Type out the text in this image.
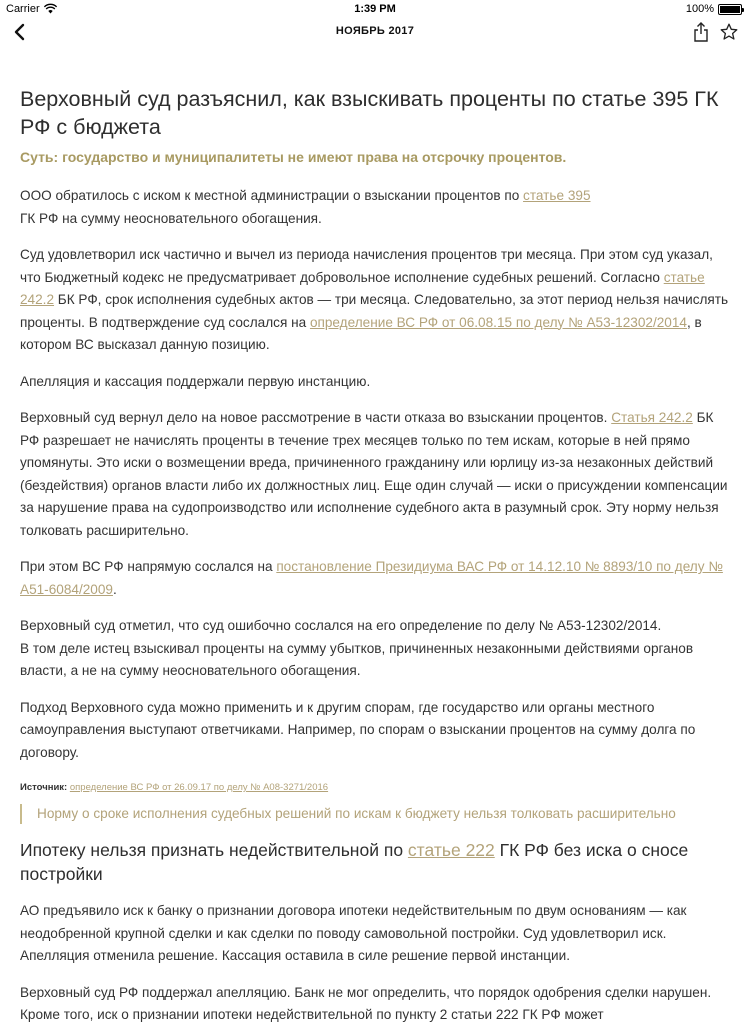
Carrier	1:39 PM	100%
НОЯБРЬ 2017
Верховный суд разъяснил, как взыскивать проценты по статье 395 ГК РФ с бюджета
Суть: государство и муниципалитеты не имеют права на отсрочку процентов.

ООО обратилось с иском к местной администрации о взыскании процентов по статье 395
ГК РФ на сумму неосновательного обогащения.

Суд удовлетворил иск частично и вычел из периода начисления процентов три месяца. При этом суд указал, что Бюджетный кодекс не предусматривает добровольное исполнение судебных решений. Согласно статье 242.2 БК РФ, срок исполнения судебных актов — три месяца. Следовательно, за этот период нельзя начислять проценты. В подтверждение суд сослался на определение ВС РФ от 06.08.15 по делу № А53-12302/2014, в котором ВС высказал данную позицию.

Апелляция и кассация поддержали первую инстанцию.

Верховный суд вернул дело на новое рассмотрение в части отказа во взыскании процентов. Статья 242.2 БК РФ разрешает не начислять проценты в течение трех месяцев только по тем искам, которые в ней прямо упомянуты. Это иски о возмещении вреда, причиненного гражданину или юрлицу из-за незаконных действий (бездействия) органов власти либо их должностных лиц. Еще один случай — иски о присуждении компенсации за нарушение права на судопроизводство или исполнение судебного акта в разумный срок. Эту норму нельзя толковать расширительно.

При этом ВС РФ напрямую сослался на постановление Президиума ВАС РФ от 14.12.10 № 8893/10 по делу № А51-6084/2009.

Верховный суд отметил, что суд ошибочно сослался на его определение по делу № А53-12302/2014.
В том деле истец взыскивал проценты на сумму убытков, причиненных незаконными действиями органов власти, а не на сумму неосновательного обогащения.

Подход Верховного суда можно применить и к другим спорам, где государство или органы местного самоуправления выступают ответчиками. Например, по спорам о взыскании процентов на сумму долга по договору.

Источник: определение ВС РФ от 26.09.17 по делу № А08-3271/2016
Норму о сроке исполнения судебных решений по искам к бюджету нельзя толковать расширительно
Ипотеку нельзя признать недействительной по статье 222 ГК РФ без иска о сносе постройки

АО предъявило иск к банку о признании договора ипотеки недействительным по двум основаниям — как неодобренной крупной сделки и как сделки по поводу самовольной постройки. Суд удовлетворил иск. Апелляция отменила решение. Кассация оставила в силе решение первой инстанции.

Верховный суд РФ поддержал апелляцию. Банк не мог определить, что порядок одобрения сделки нарушен. Кроме того, иск о признании ипотеки недействительной по пункту 2 статьи 222 ГК РФ может
